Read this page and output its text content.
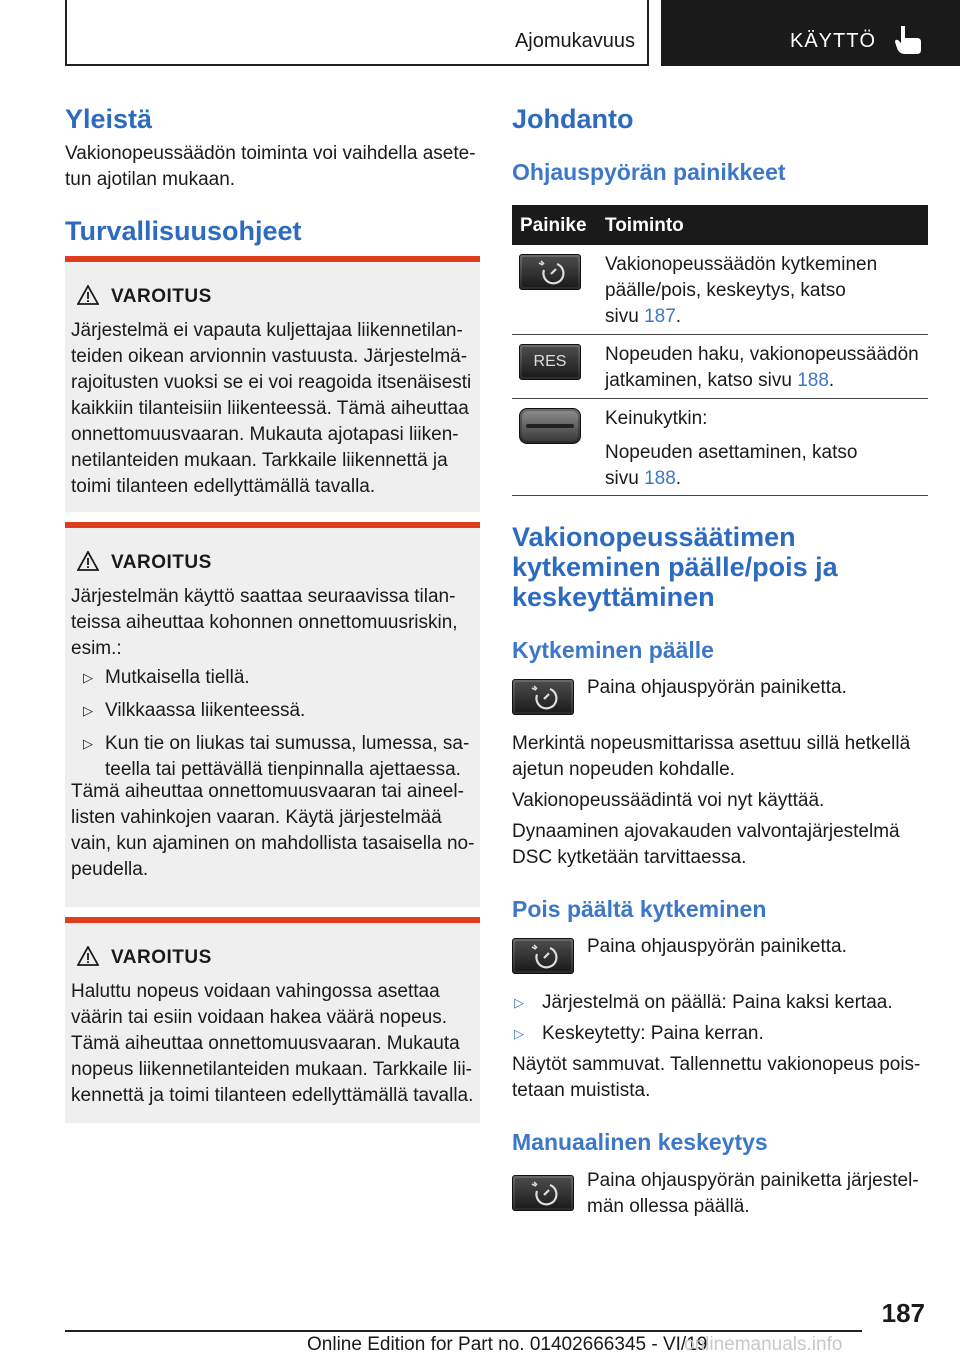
Ajomukavuus	KÄYTTÖ
Yleistä

Vakionopeussäädön toiminta voi vaihdella asete-

tun ajotilan mukaan.

Turvallisuusohjeet
VAROITUS
Järjestelmä ei vapauta kuljettajaa liikennetilan-
teiden oikean arvionnin vastuusta. Järjestelmä-
rajoitusten vuoksi se ei voi reagoida itsenäisesti
kaikkiin tilanteisiin liikenteessä. Tämä aiheuttaa
onnettomuusvaaran. Mukauta ajotapasi liiken-
netilanteiden mukaan. Tarkkaile liikennettä ja
toimi tilanteen edellyttämällä tavalla.
VAROITUS
Järjestelmän käyttö saattaa seuraavissa tilan-
teissa aiheuttaa kohonnen onnettomuusriskin,
esim.:
▷ Mutkaisella tiellä.
▷ Vilkkaassa liikenteessä.
▷ Kun tie on liukas tai sumussa, lumessa, sa- teella tai pettävällä tienpinnalla ajettaessa.
Tämä aiheuttaa onnettomuusvaaran tai aineel-
listen vahinkojen vaaran. Käytä järjestelmää
vain, kun ajaminen on mahdollista tasaisella no-
peudella.
VAROITUS
Haluttu nopeus voidaan vahingossa asettaa
väärin tai esiin voidaan hakea väärä nopeus.
Tämä aiheuttaa onnettomuusvaaran. Mukauta
nopeus liikennetilanteiden mukaan. Tarkkaile lii-
kennettä ja toimi tilanteen edellyttämällä tavalla.
Johdanto
Ohjauspyörän painikkeet
Painike Toiminto
Vakionopeussäädön kytkeminen
päälle/pois, keskeytys, katso
sivu 187.
RES	Nopeuden haku, vakionopeussäädön
jatkaminen, katso sivu 188.
Keinukytkin:
Nopeuden asettaminen, katso
sivu 188.
Vakionopeussäätimen
kytkeminen päälle/pois ja
keskeyttäminen
Kytkeminen päälle

Paina ohjauspyörän painiketta.

Merkintä nopeusmittarissa asettuu sillä hetkellä

ajetun nopeuden kohdalle.

Vakionopeussäädintä voi nyt käyttää.

Dynaaminen ajovakauden valvontajärjestelmä

DSC kytketään tarvittaessa.

Pois päältä kytkeminen

Paina ohjauspyörän painiketta.

▷ Järjestelmä on päällä: Paina kaksi kertaa.
▷ Keskeytetty: Paina kerran.

Näytöt sammuvat. Tallennettu vakionopeus pois-

tetaan muistista.

Manuaalinen keskeytys

Paina ohjauspyörän painiketta järjestel-

män ollessa päällä.

187
Online Edition for Part no. 01402666345 - VI/19
onlinemanuals.info
